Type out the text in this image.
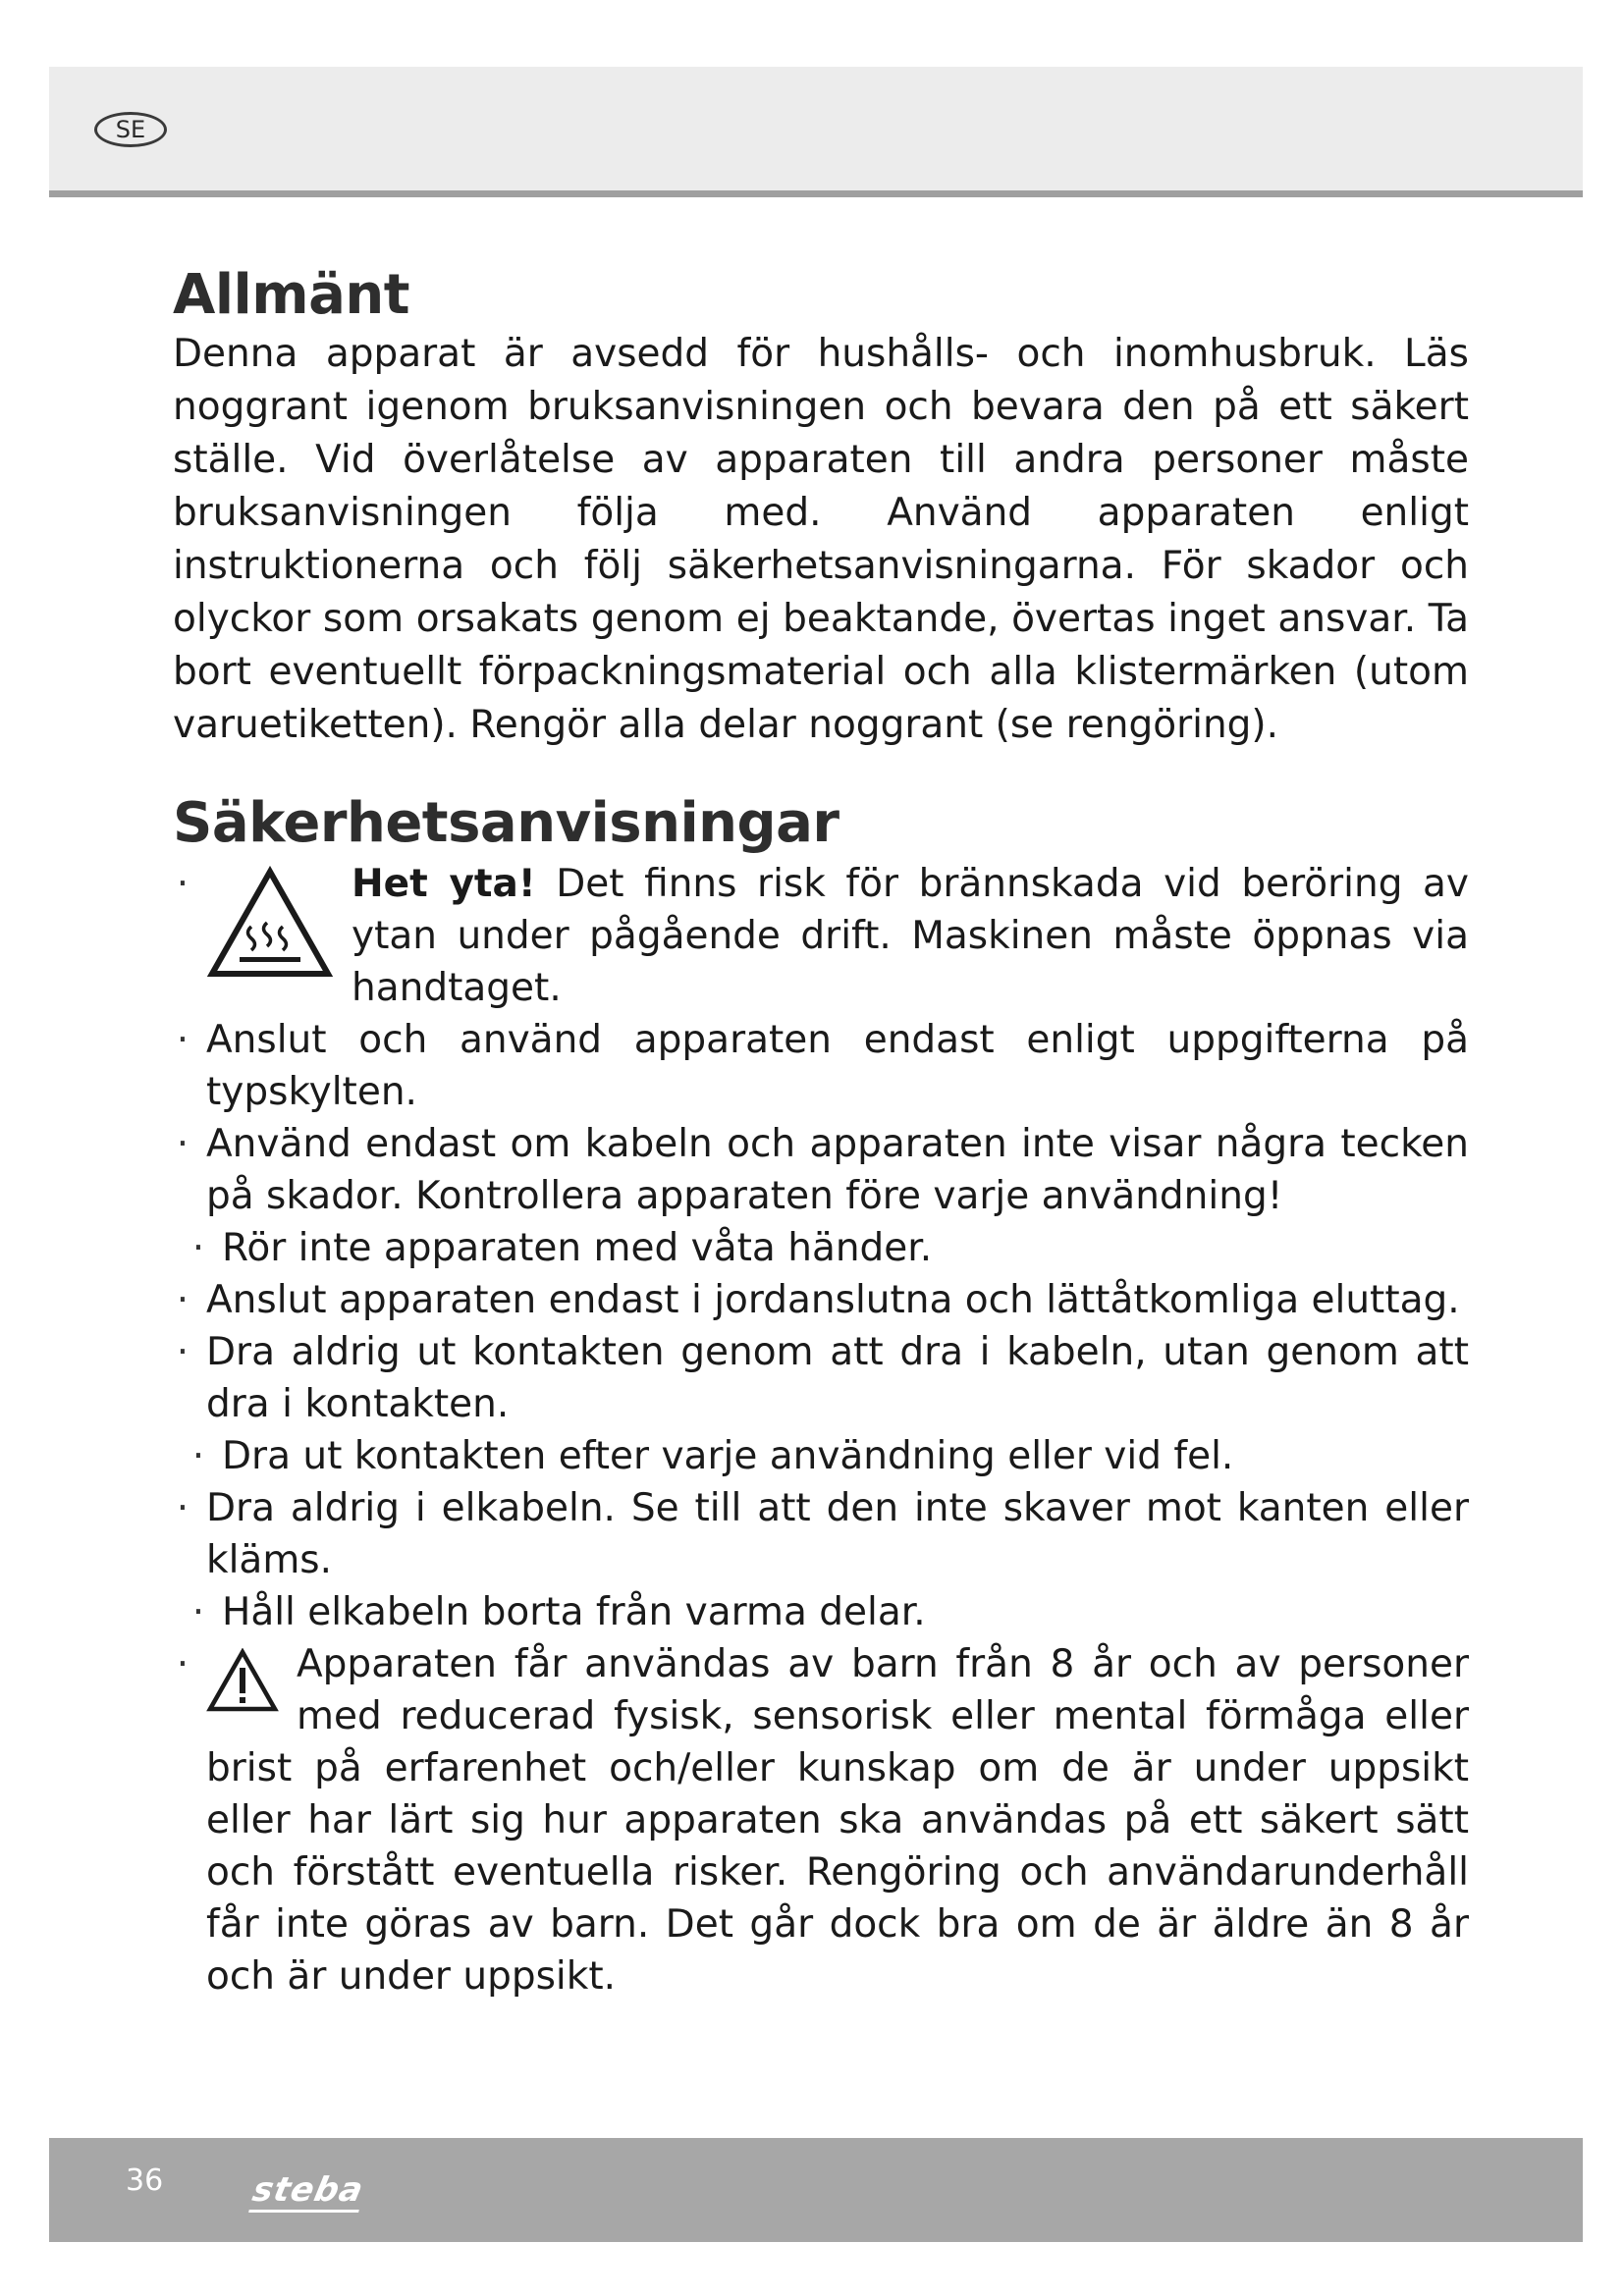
SE
Allmänt

Denna apparat är avsedd för hushålls- och inomhusbruk. Läs noggrant igenom bruksanvisningen och bevara den på ett säkert ställe. Vid överlåtelse av apparaten till andra personer måste bruksanvisningen följa med. Använd apparaten enligt instruktionerna och följ säkerhetsanvisningarna. För skador och olyckor som orsakats genom ej beaktande, övertas inget ansvar. Ta bort eventuellt förpackningsmaterial och alla klistermärken (utom varuetiketten). Rengör alla delar noggrant (se rengöring).

Säkerhetsanvisningar
·	Het yta! Det finns risk för brännskada vid beröring av ytan under pågående drift. Maskinen måste öppnas via handtaget.
· Anslut och använd apparaten endast enligt uppgifterna på typskylten.
· Använd endast om kabeln och apparaten inte visar några tecken på skador. Kontrollera apparaten före varje användning!
· Rör inte apparaten med våta händer.
· Anslut apparaten endast i jordanslutna och lättåtkomliga eluttag.
· Dra aldrig ut kontakten genom att dra i kabeln, utan genom att dra i kontakten.
· Dra ut kontakten efter varje användning eller vid fel.
· Dra aldrig i elkabeln. Se till att den inte skaver mot kanten eller kläms.
· Håll elkabeln borta från varma delar.
·	Apparaten får användas av barn från 8 år och av personer med reducerad fysisk, sensorisk eller mental förmåga eller brist på erfarenhet och/eller kunskap om de är under uppsikt eller har lärt sig hur apparaten ska användas på ett säkert sätt och förstått eventuella risker. Rengöring och användarunderhåll får inte göras av barn. Det går dock bra om de är äldre än 8 år och är under uppsikt.
36	steba
